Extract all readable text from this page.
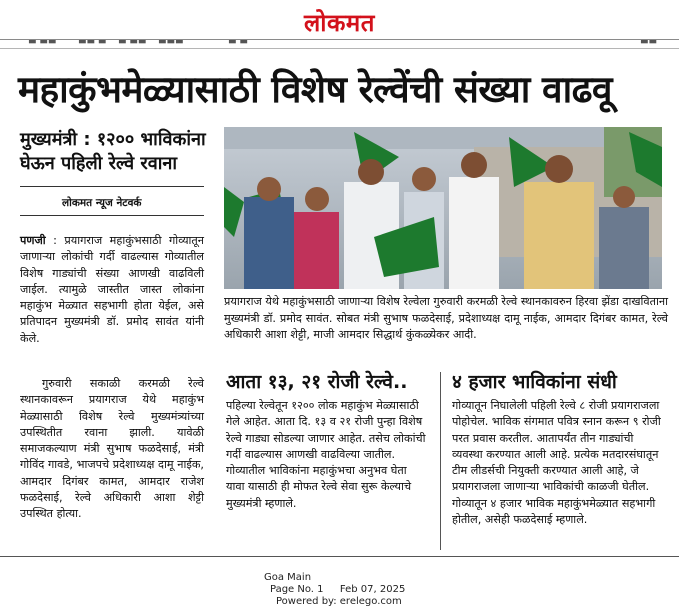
लोकमत
▬ ▬▬ ▬▬ ▬ ▬ ▬▬ ▬▬▬	▬ ▬	▬▬
महाकुंभमेळ्यासाठी विशेष रेल्वेंची संख्या वाढवू
मुख्यमंत्री : १२०० भाविकांना घेऊन पहिली रेल्वे रवाना
लोकमत न्यूज नेटवर्क
पणजी : प्रयागराज महाकुंभसाठी गोव्यातून जाणाऱ्या लोकांची गर्दी वाढल्यास गोव्यातील विशेष गाड्यांची संख्या आणखी वाढविली जाईल. त्यामुळे जास्तीत जास्त लोकांना महाकुंभ मेळ्यात सहभागी होता येईल, असे प्रतिपादन मुख्यमंत्री डॉ. प्रमोद सावंत यांनी केले.
गुरुवारी सकाळी करमळी रेल्वे स्थानकावरून प्रयागराज येथे महाकुंभ मेळ्यासाठी विशेष रेल्वे मुख्यमंत्र्यांच्या उपस्थितीत रवाना झाली. यावेळी समाजकल्याण मंत्री सुभाष फळदेसाई, मंत्री गोविंद गावडे, भाजपचे प्रदेशाध्यक्ष दामू नाईक, आमदार दिगंबर कामत, आमदार राजेश फळदेसाई, रेल्वे अधिकारी आशा शेट्टी उपस्थित होत्या.
प्रयागराज येथे महाकुंभसाठी जाणाऱ्या विशेष रेल्वेला गुरुवारी करमळी रेल्वे स्थानकावरुन हिरवा झेंडा दाखविताना मुख्यमंत्री डॉ. प्रमोद सावंत. सोबत मंत्री सुभाष फळदेसाई, प्रदेशाध्यक्ष दामू नाईक, आमदार दिगंबर कामत, रेल्वे अधिकारी आशा शेट्टी, माजी आमदार सिद्धार्थ कुंकळ्येकर आदी.
आता १३, २१ रोजी रेल्वे..
पहिल्या रेल्वेतून १२०० लोक महाकुंभ मेळ्यासाठी गेले आहेत. आता दि. १३ व २१ रोजी पुन्हा विशेष रेल्वे गाड्या सोडल्या जाणार आहेत. तसेच लोकांची गर्दी वाढल्यास आणखी वाढविल्या जातील. गोव्यातील भाविकांना महाकुंभचा अनुभव घेता यावा यासाठी ही मोफत रेल्वे सेवा सुरू केल्याचे मुख्यमंत्री म्हणाले.
४ हजार भाविकांना संधी
गोव्यातून निघालेली पहिली रेल्वे ८ रोजी प्रयागराजला पोहोचेल. भाविक संगमात पवित्र स्नान करून ९ रोजी परत प्रवास करतील. आतापर्यंत तीन गाड्यांची व्यवस्था करण्यात आली आहे. प्रत्येक मतदारसंघातून टीम लीडर्सची नियुक्ती करण्यात आली आहे, जे प्रयागराजला जाणाऱ्या भाविकांची काळजी घेतील. गोव्यातून ४ हजार भाविक महाकुंभमेळ्यात सहभागी होतील, असेही फळदेसाई म्हणाले.
Goa Main
Page No. 1 Feb 07, 2025
Powered by: erelego.com
